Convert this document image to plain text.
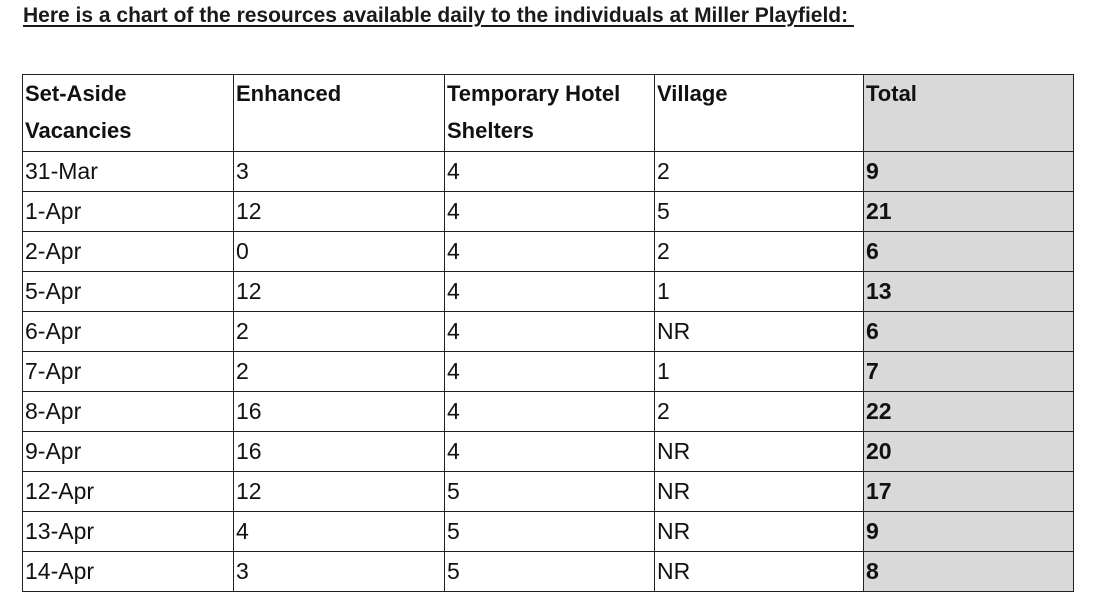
Here is a chart of the resources available daily to the individuals at Miller Playfield:
Set-Aside Vacancies	Enhanced	Temporary Hotel Shelters	Village	Total

31-Mar	3	4	2	9
1-Apr	12	4	5	21
2-Apr	0	4	2	6
5-Apr	12	4	1	13
6-Apr	2	4	NR	6
7-Apr	2	4	1	7
8-Apr	16	4	2	22
9-Apr	16	4	NR	20
12-Apr	12	5	NR	17
13-Apr	4	5	NR	9
14-Apr	3	5	NR	8
